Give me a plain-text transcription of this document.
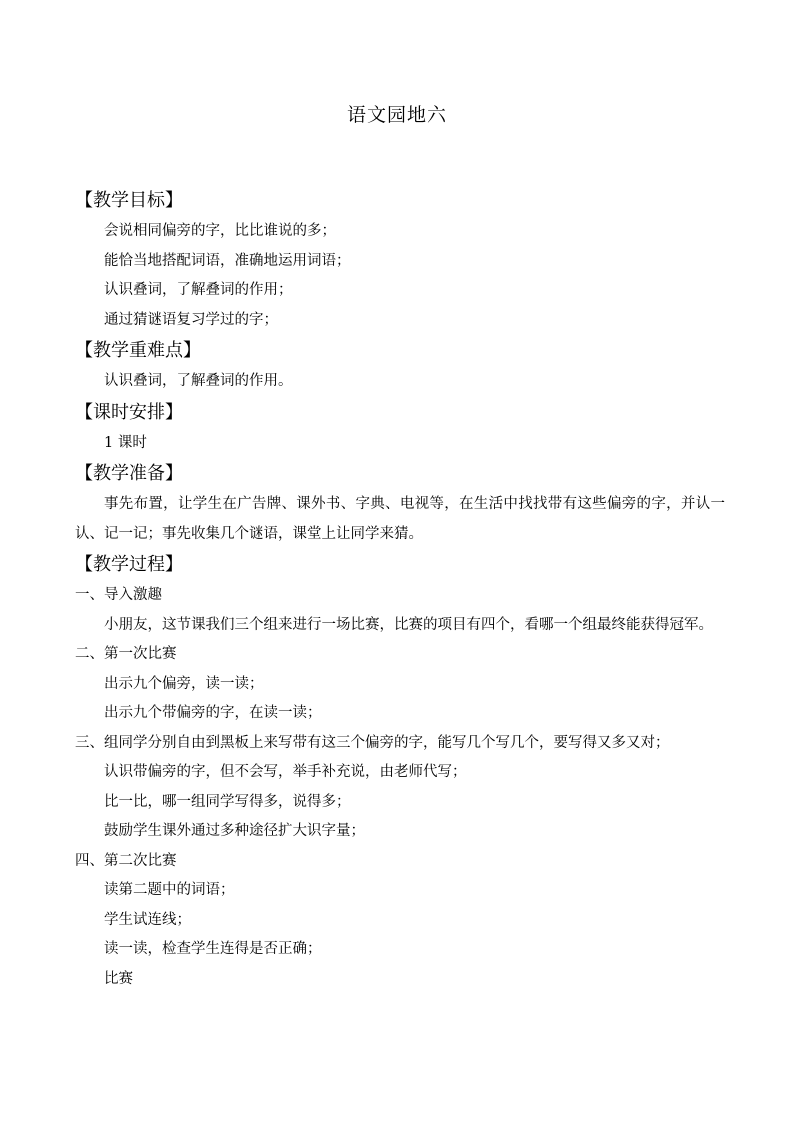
语文园地六
【教学目标】
会说相同偏旁的字，比比谁说的多；
能恰当地搭配词语，准确地运用词语；
认识叠词，了解叠词的作用；
通过猜谜语复习学过的字；
【教学重难点】
认识叠词，了解叠词的作用。
【课时安排】
1 课时
【教学准备】
事先布置，让学生在广告牌、课外书、字典、电视等，在生活中找找带有这些偏旁的字，并认一认、记一记；事先收集几个谜语，课堂上让同学来猜。
【教学过程】
一、导入激趣
小朋友，这节课我们三个组来进行一场比赛，比赛的项目有四个，看哪一个组最终能获得冠军。
二、第一次比赛
出示九个偏旁，读一读；
出示九个带偏旁的字，在读一读；
三、组同学分别自由到黑板上来写带有这三个偏旁的字，能写几个写几个，要写得又多又对；
认识带偏旁的字，但不会写，举手补充说，由老师代写；
比一比，哪一组同学写得多，说得多；
鼓励学生课外通过多种途径扩大识字量；
四、第二次比赛
读第二题中的词语；
学生试连线；
读一读，检查学生连得是否正确；
比赛
